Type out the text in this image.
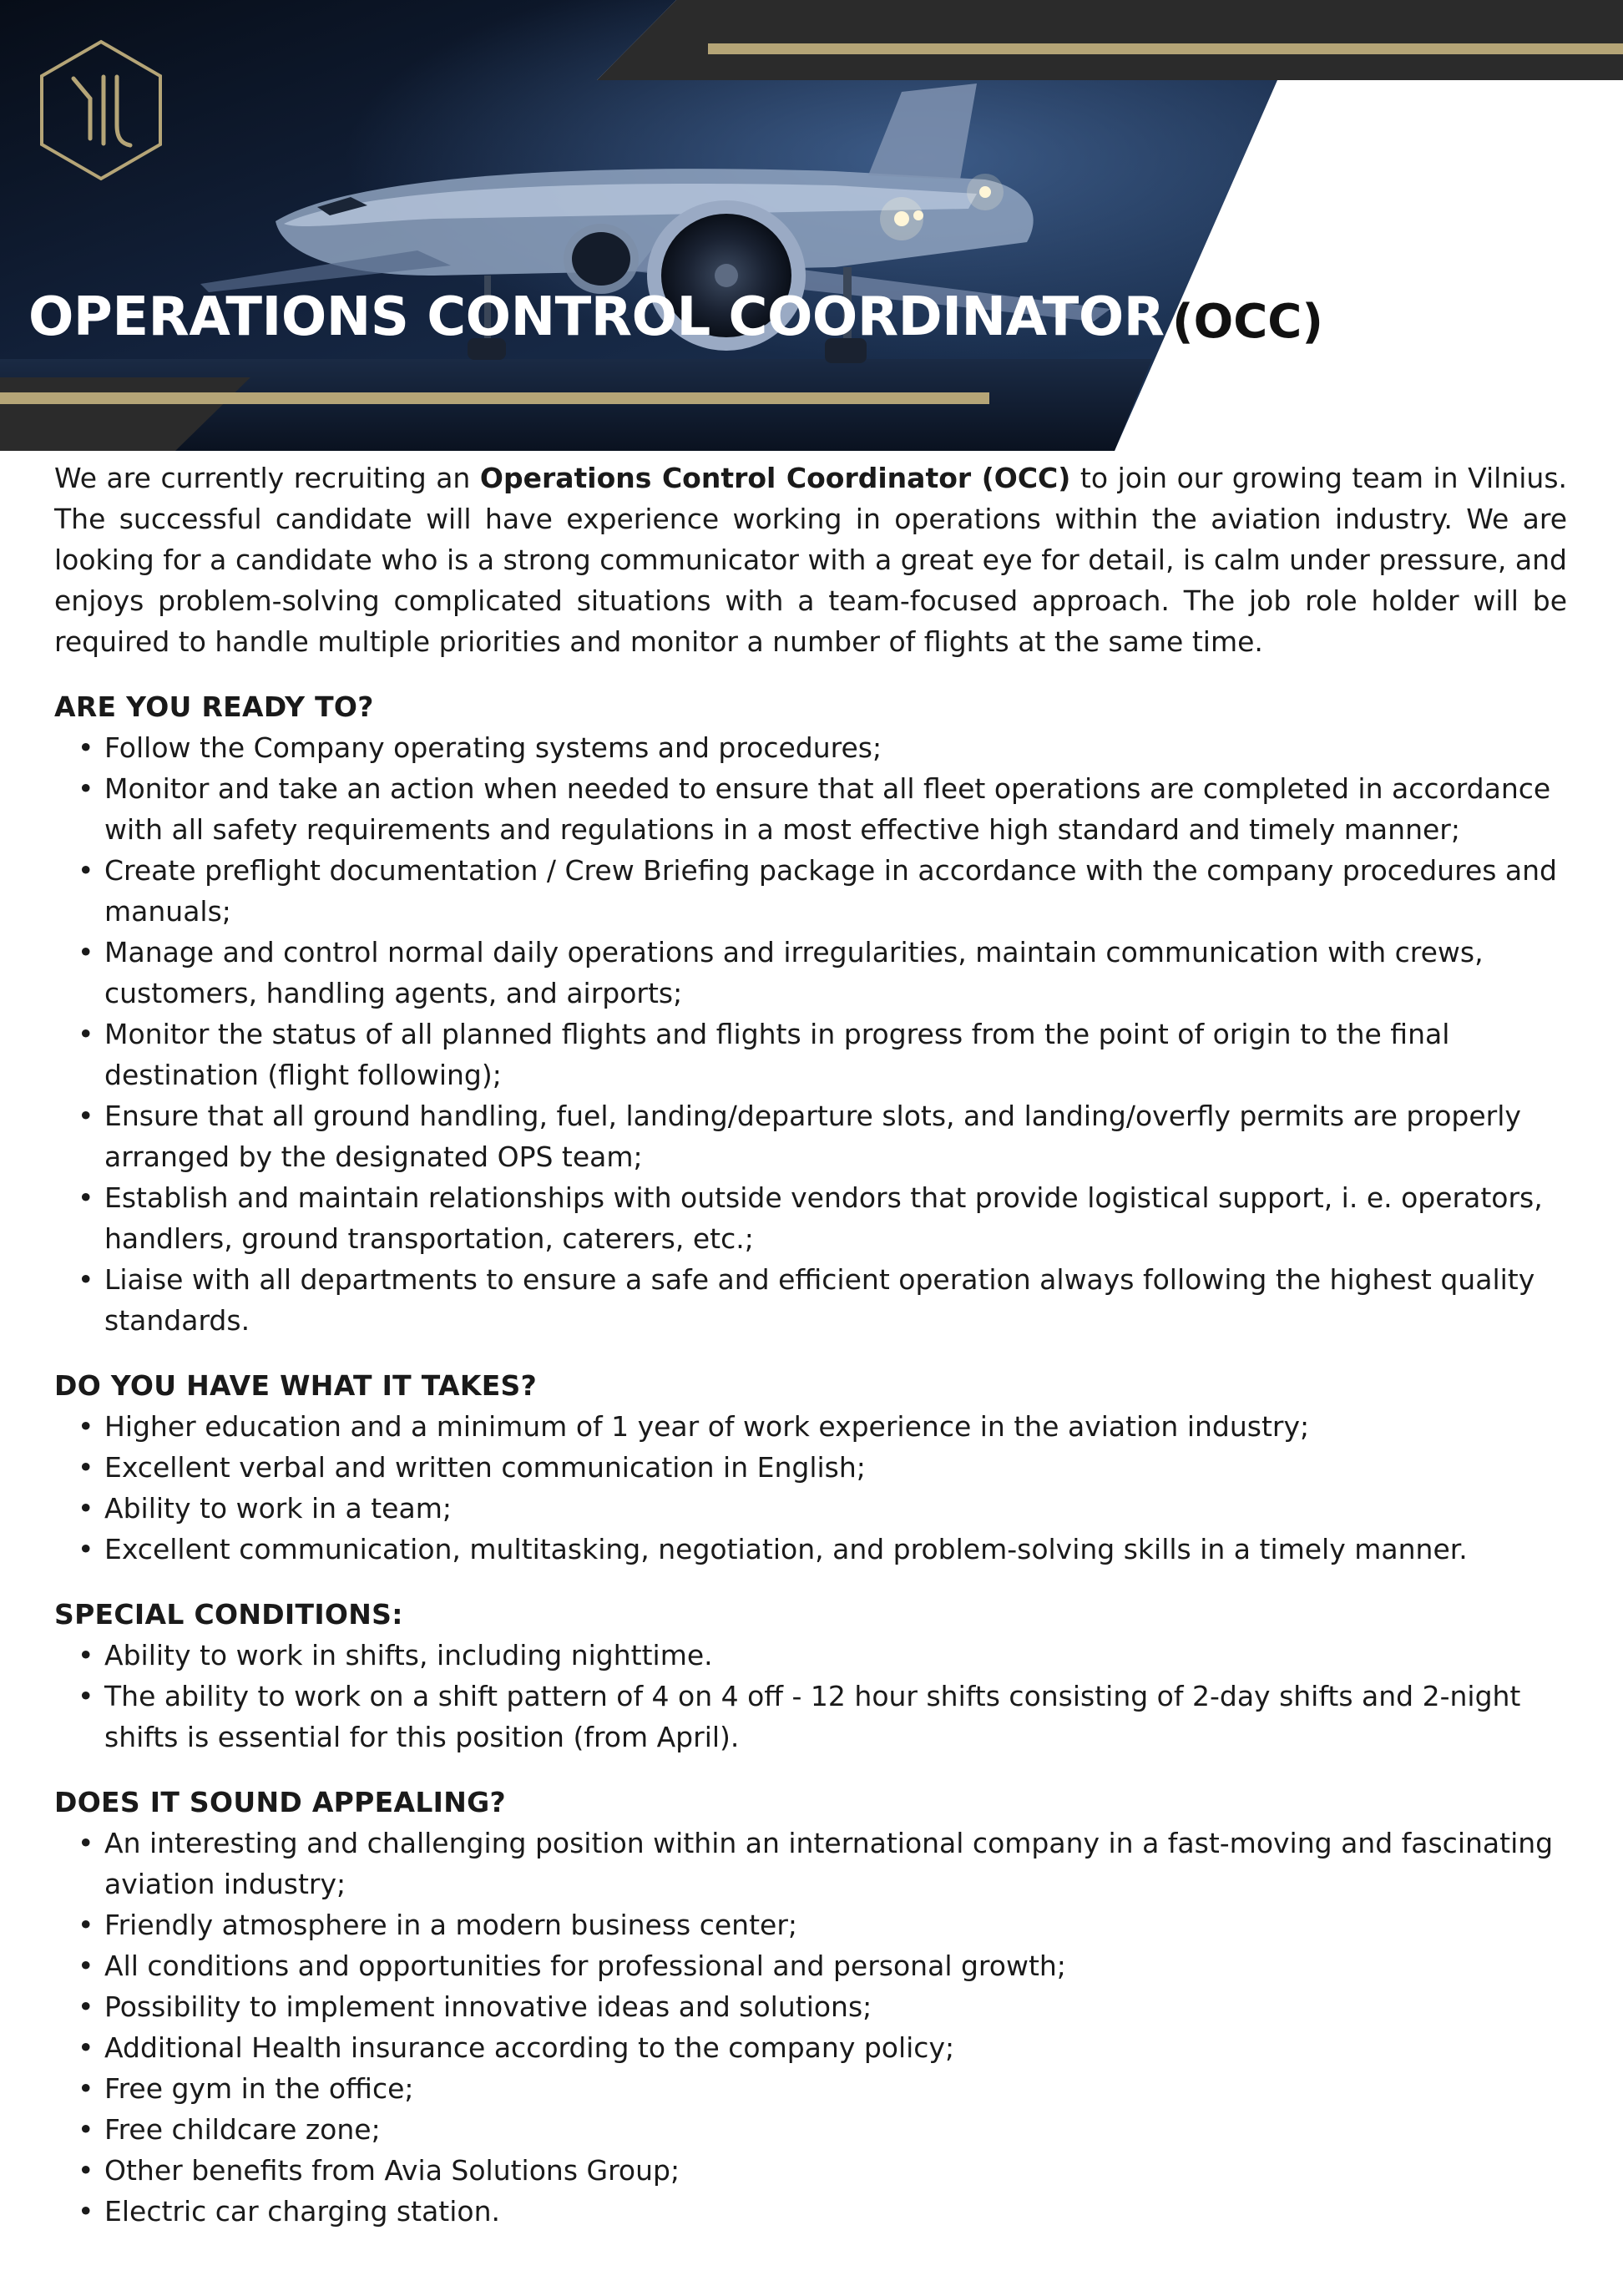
OPERATIONS CONTROL COORDINATOR (OCC)

We are currently recruiting an Operations Control Coordinator (OCC) to join our growing team in Vilnius. The successful candidate will have experience working in operations within the aviation industry. We are looking for a candidate who is a strong communicator with a great eye for detail, is calm under pressure, and enjoys problem-solving complicated situations with a team-focused approach. The job role holder will be required to handle multiple priorities and monitor a number of flights at the same time.

ARE YOU READY TO?
• Follow the Company operating systems and procedures;
• Monitor and take an action when needed to ensure that all fleet operations are completed in accordance with all safety requirements and regulations in a most effective high standard and timely manner;
• Create preflight documentation / Crew Briefing package in accordance with the company procedures and manuals;
• Manage and control normal daily operations and irregularities, maintain communication with crews, customers, handling agents, and airports;
• Monitor the status of all planned flights and flights in progress from the point of origin to the final destination (flight following);
• Ensure that all ground handling, fuel, landing/departure slots, and landing/overfly permits are properly arranged by the designated OPS team;
• Establish and maintain relationships with outside vendors that provide logistical support, i. e. operators, handlers, ground transportation, caterers, etc.;
• Liaise with all departments to ensure a safe and efficient operation always following the highest quality standards.
DO YOU HAVE WHAT IT TAKES?
• Higher education and a minimum of 1 year of work experience in the aviation industry;
• Excellent verbal and written communication in English;
• Ability to work in a team;
• Excellent communication, multitasking, negotiation, and problem-solving skills in a timely manner.
SPECIAL CONDITIONS:
• Ability to work in shifts, including nighttime.
• The ability to work on a shift pattern of 4 on 4 off - 12 hour shifts consisting of 2-day shifts and 2-night shifts is essential for this position (from April).
DOES IT SOUND APPEALING?
• An interesting and challenging position within an international company in a fast-moving and fascinating aviation industry;
• Friendly atmosphere in a modern business center;
• All conditions and opportunities for professional and personal growth;
• Possibility to implement innovative ideas and solutions;
• Additional Health insurance according to the company policy;
• Free gym in the office;
• Free childcare zone;
• Other benefits from Avia Solutions Group;
• Electric car charging station.
